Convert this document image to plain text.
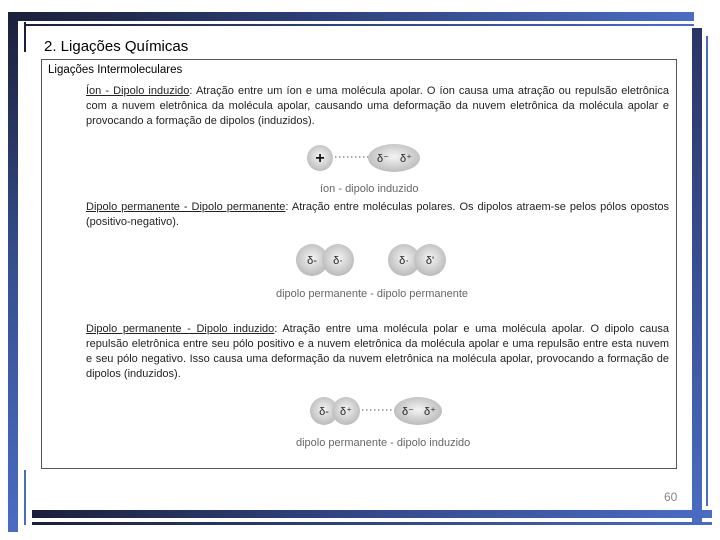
2. Ligações Químicas
Ligações Intermoleculares
Íon - Dipolo induzido: Atração entre um íon e uma molécula apolar. O íon causa uma atração ou repulsão eletrônica com a nuvem eletrônica da molécula apolar, causando uma deformação da nuvem eletrônica da molécula apolar e provocando a formação de dipolos (induzidos).
+	δ⁻ δ⁺
íon - dipolo induzido
Dipolo permanente - Dipolo permanente: Atração entre moléculas polares. Os dipolos atraem-se pelos pólos opostos (positivo-negativo).
δ- δ·	δ· δ'
dipolo permanente - dipolo permanente
Dipolo permanente - Dipolo induzido: Atração entre uma molécula polar e uma molécula apolar. O dipolo causa repulsão eletrônica entre seu pólo positivo e a nuvem eletrônica da molécula apolar e uma repulsão entre esta nuvem e seu pólo negativo. Isso causa uma deformação da nuvem eletrônica na molécula apolar, provocando a formação de dipolos (induzidos).
δ- δ⁺	δ⁻ δ⁺
dipolo permanente - dipolo induzido
60
